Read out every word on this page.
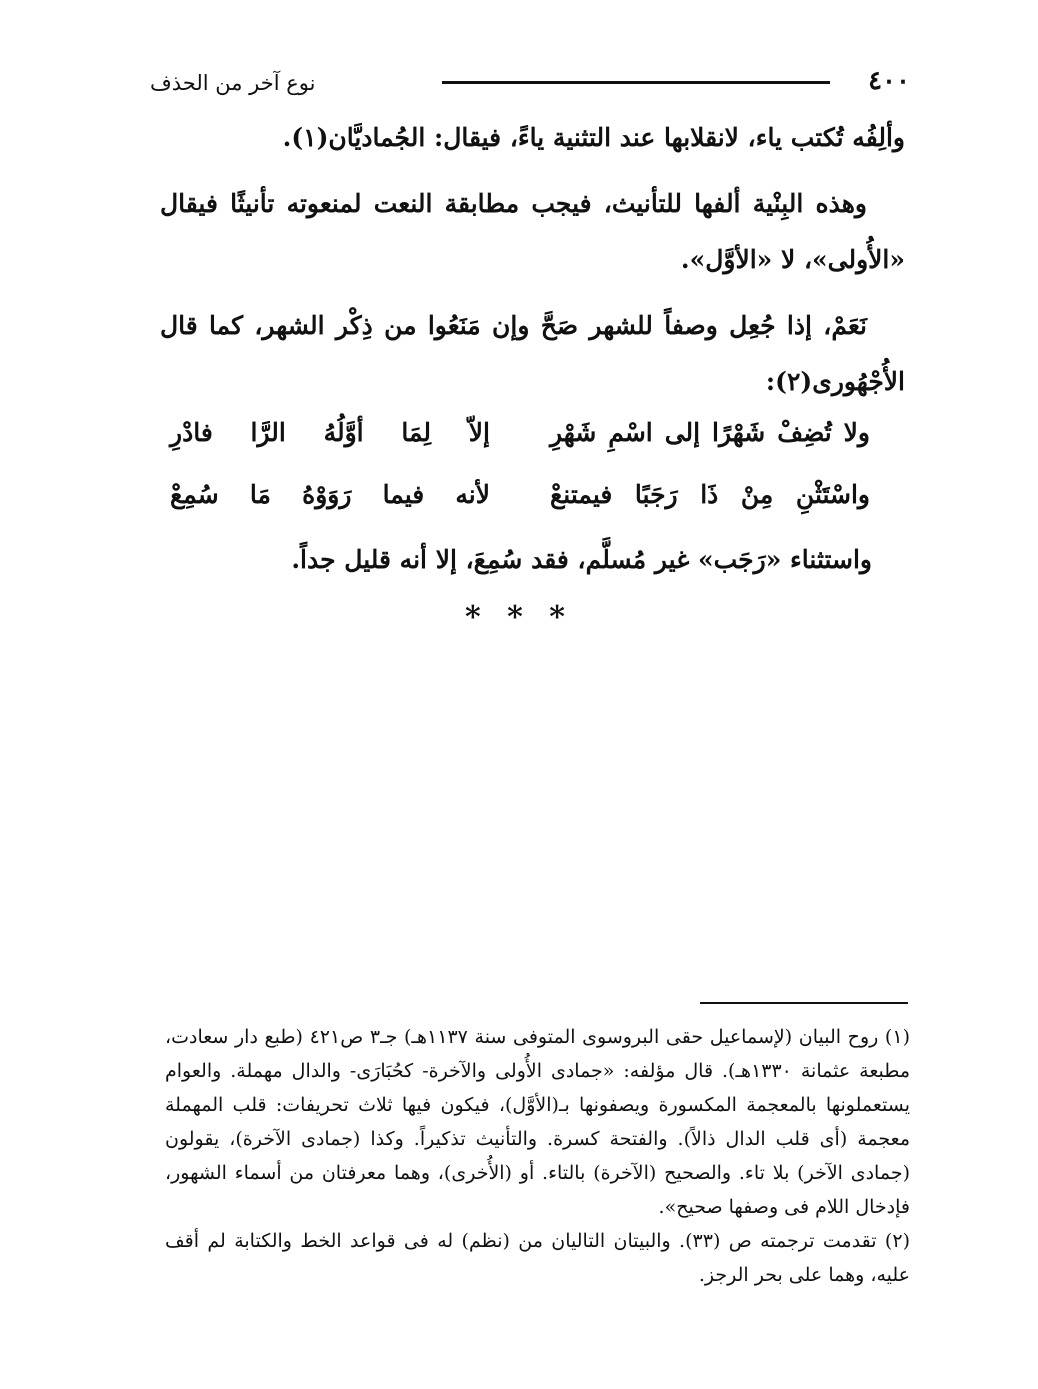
٤٠٠
نوع آخر من الحذف

وألِفُه تُكتب ياء، لانقلابها عند التثنية ياءً، فيقال: الجُماديَّان(١).

وهذه البِنْية ألفها للتأنيث، فيجب مطابقة النعت لمنعوته تأنيثًا فيقال «الأُولى»، لا «الأوَّل».

نَعَمْ، إذا جُعِل وصفاً للشهر صَحَّ وإن مَنَعُوا من ذِكْر الشهر، كما قال الأُجْهُورى(٢):

ولا تُضِفْ شَهْرًا إلى اسْمِ شَهْرِ
إلاّ لِمَا أوَّلُهُ الرَّا فادْرِ
واسْتَثْنِ مِنْ ذَا رَجَبًا فيمتنعْ
لأنه فيما رَوَوْهُ مَا سُمِعْ
واستثناء «رَجَب» غير مُسلَّم، فقد سُمِعَ، إلا أنه قليل جداً.
* * *

(١) روح البيان (لإسماعيل حقى البروسوى المتوفى سنة ١١٣٧هـ) جـ٣ ص٤٢١ (طبع دار سعادت، مطبعة عثمانة ١٣٣٠هـ). قال مؤلفه: «جمادى الأُولى والآخرة- كحُبَارَى- والدال مهملة. والعوام يستعملونها بالمعجمة المكسورة ويصفونها بـ(الأوَّل)، فيكون فيها ثلاث تحريفات: قلب المهملة معجمة (أى قلب الدال ذالاً). والفتحة كسرة. والتأنيث تذكيراً. وكذا (جمادى الآخرة)، يقولون (جمادى الآخر) بلا تاء. والصحيح (الآخرة) بالتاء. أو (الأُخرى)، وهما معرفتان من أسماء الشهور، فإدخال اللام فى وصفها صحيح».

(٢) تقدمت ترجمته ص (٣٣). والبيتان التاليان من (نظم) له فى قواعد الخط والكتابة لم أقف عليه، وهما على بحر الرجز.
